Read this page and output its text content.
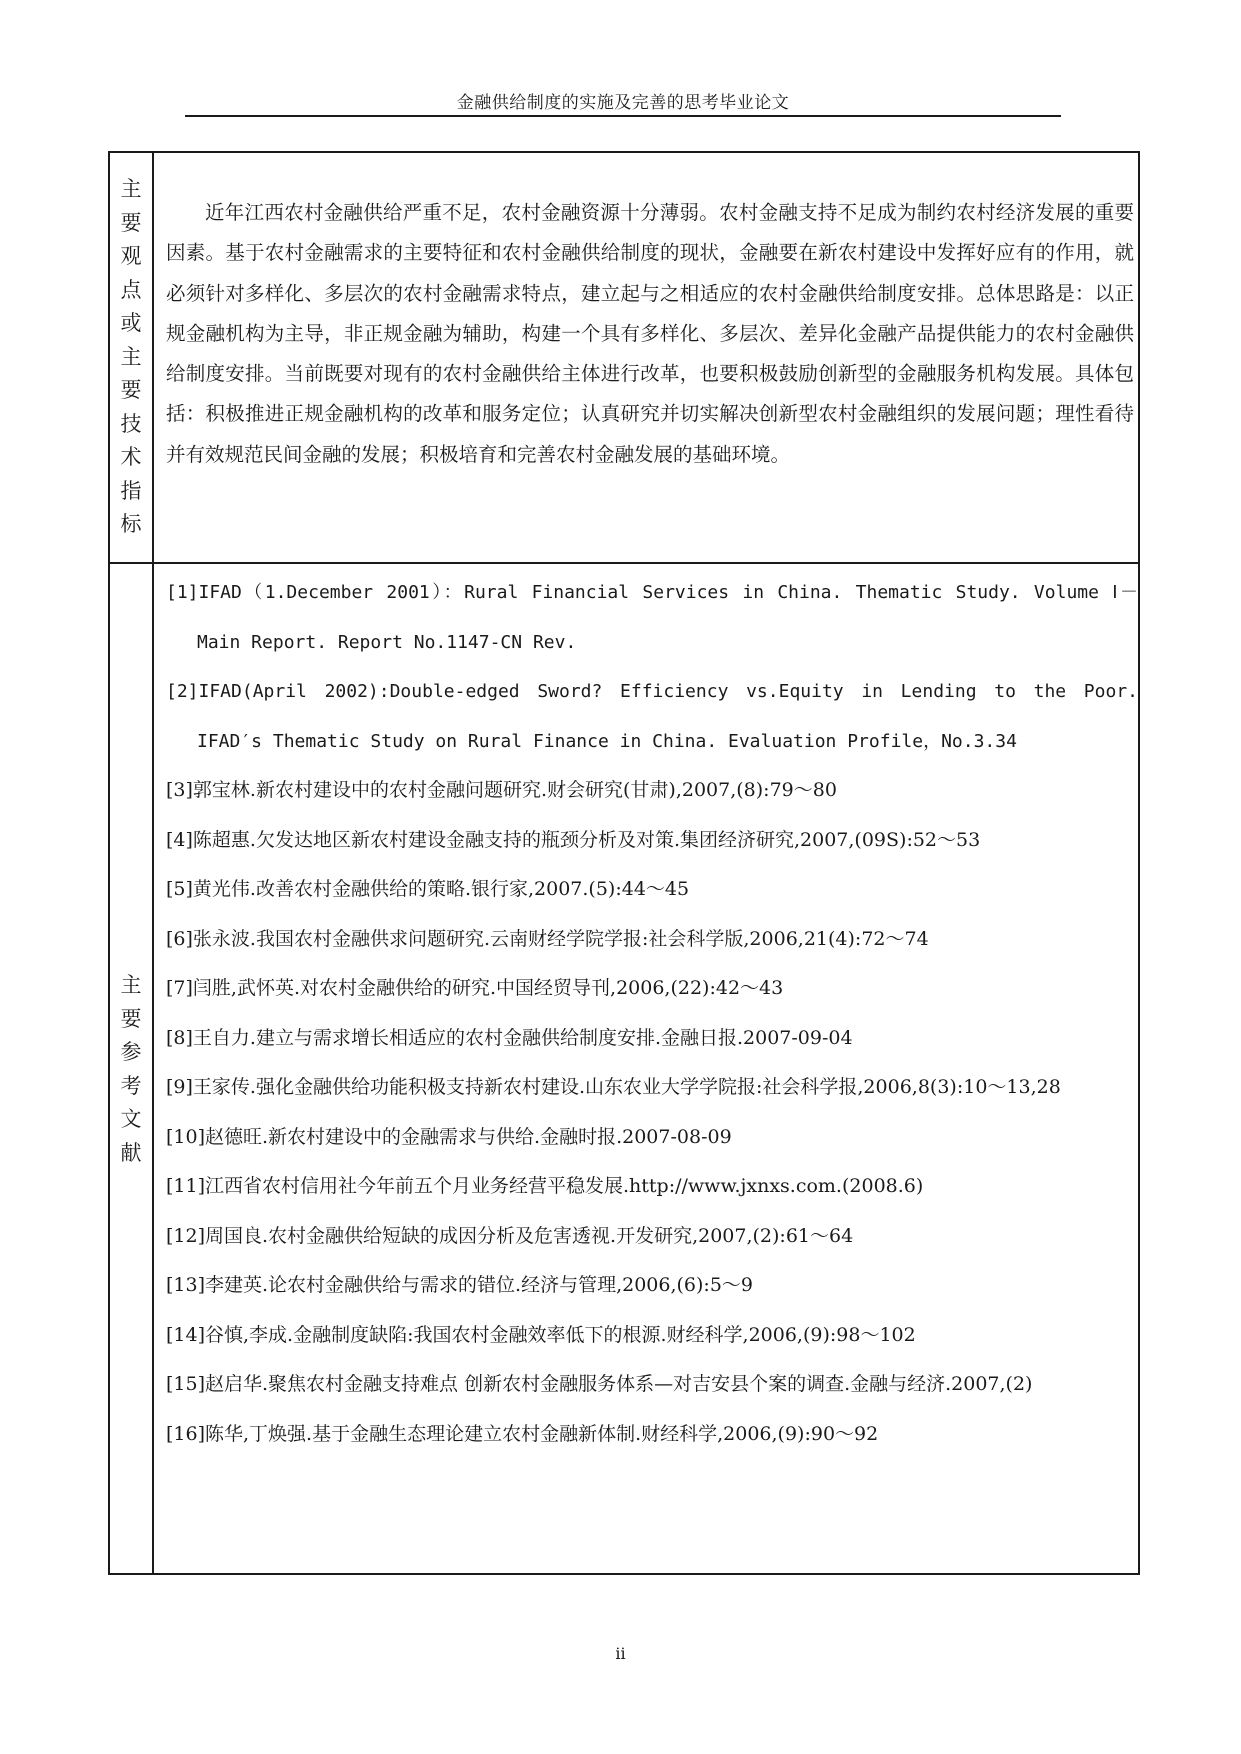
金融供给制度的实施及完善的思考毕业论文
主要观点或主要技术指标
近年江西农村金融供给严重不足，农村金融资源十分薄弱。农村金融支持不足成为制约农村经济发展的重要因素。基于农村金融需求的主要特征和农村金融供给制度的现状，金融要在新农村建设中发挥好应有的作用，就必须针对多样化、多层次的农村金融需求特点，建立起与之相适应的农村金融供给制度安排。总体思路是：以正规金融机构为主导，非正规金融为辅助，构建一个具有多样化、多层次、差异化金融产品提供能力的农村金融供给制度安排。当前既要对现有的农村金融供给主体进行改革，也要积极鼓励创新型的金融服务机构发展。具体包括：积极推进正规金融机构的改革和服务定位；认真研究并切实解决创新型农村金融组织的发展问题；理性看待并有效规范民间金融的发展；积极培育和完善农村金融发展的基础环境。
主要参考文献
[1]IFAD（1.December 2001）：Rural Financial Services in China. Thematic Study. Volume Ⅰ－Main Report. Report No.1147-CN Rev.
[2]IFAD(April 2002):Double-edged Sword? Efficiency vs.Equity in Lending to the Poor. IFAD′s Thematic Study on Rural Finance in China. Evaluation Profile，No.3.34
[3]郭宝林.新农村建设中的农村金融问题研究.财会研究(甘肃),2007,(8):79～80
[4]陈超惠.欠发达地区新农村建设金融支持的瓶颈分析及对策.集团经济研究,2007,(09S):52～53
[5]黄光伟.改善农村金融供给的策略.银行家,2007.(5):44～45
[6]张永波.我国农村金融供求问题研究.云南财经学院学报:社会科学版,2006,21(4):72～74
[7]闫胜,武怀英.对农村金融供给的研究.中国经贸导刊,2006,(22):42～43
[8]王自力.建立与需求增长相适应的农村金融供给制度安排.金融日报.2007-09-04
[9]王家传.强化金融供给功能积极支持新农村建设.山东农业大学学院报:社会科学报,2006,8(3):10～13,28
[10]赵德旺.新农村建设中的金融需求与供给.金融时报.2007-08-09
[11]江西省农村信用社今年前五个月业务经营平稳发展.http://www.jxnxs.com.(2008.6)
[12]周国良.农村金融供给短缺的成因分析及危害透视.开发研究,2007,(2):61～64
[13]李建英.论农村金融供给与需求的错位.经济与管理,2006,(6):5～9
[14]谷慎,李成.金融制度缺陷:我国农村金融效率低下的根源.财经科学,2006,(9):98～102
[15]赵启华.聚焦农村金融支持难点 创新农村金融服务体系—对吉安县个案的调查.金融与经济.2007,(2)
[16]陈华,丁焕强.基于金融生态理论建立农村金融新体制.财经科学,2006,(9):90～92
ii
